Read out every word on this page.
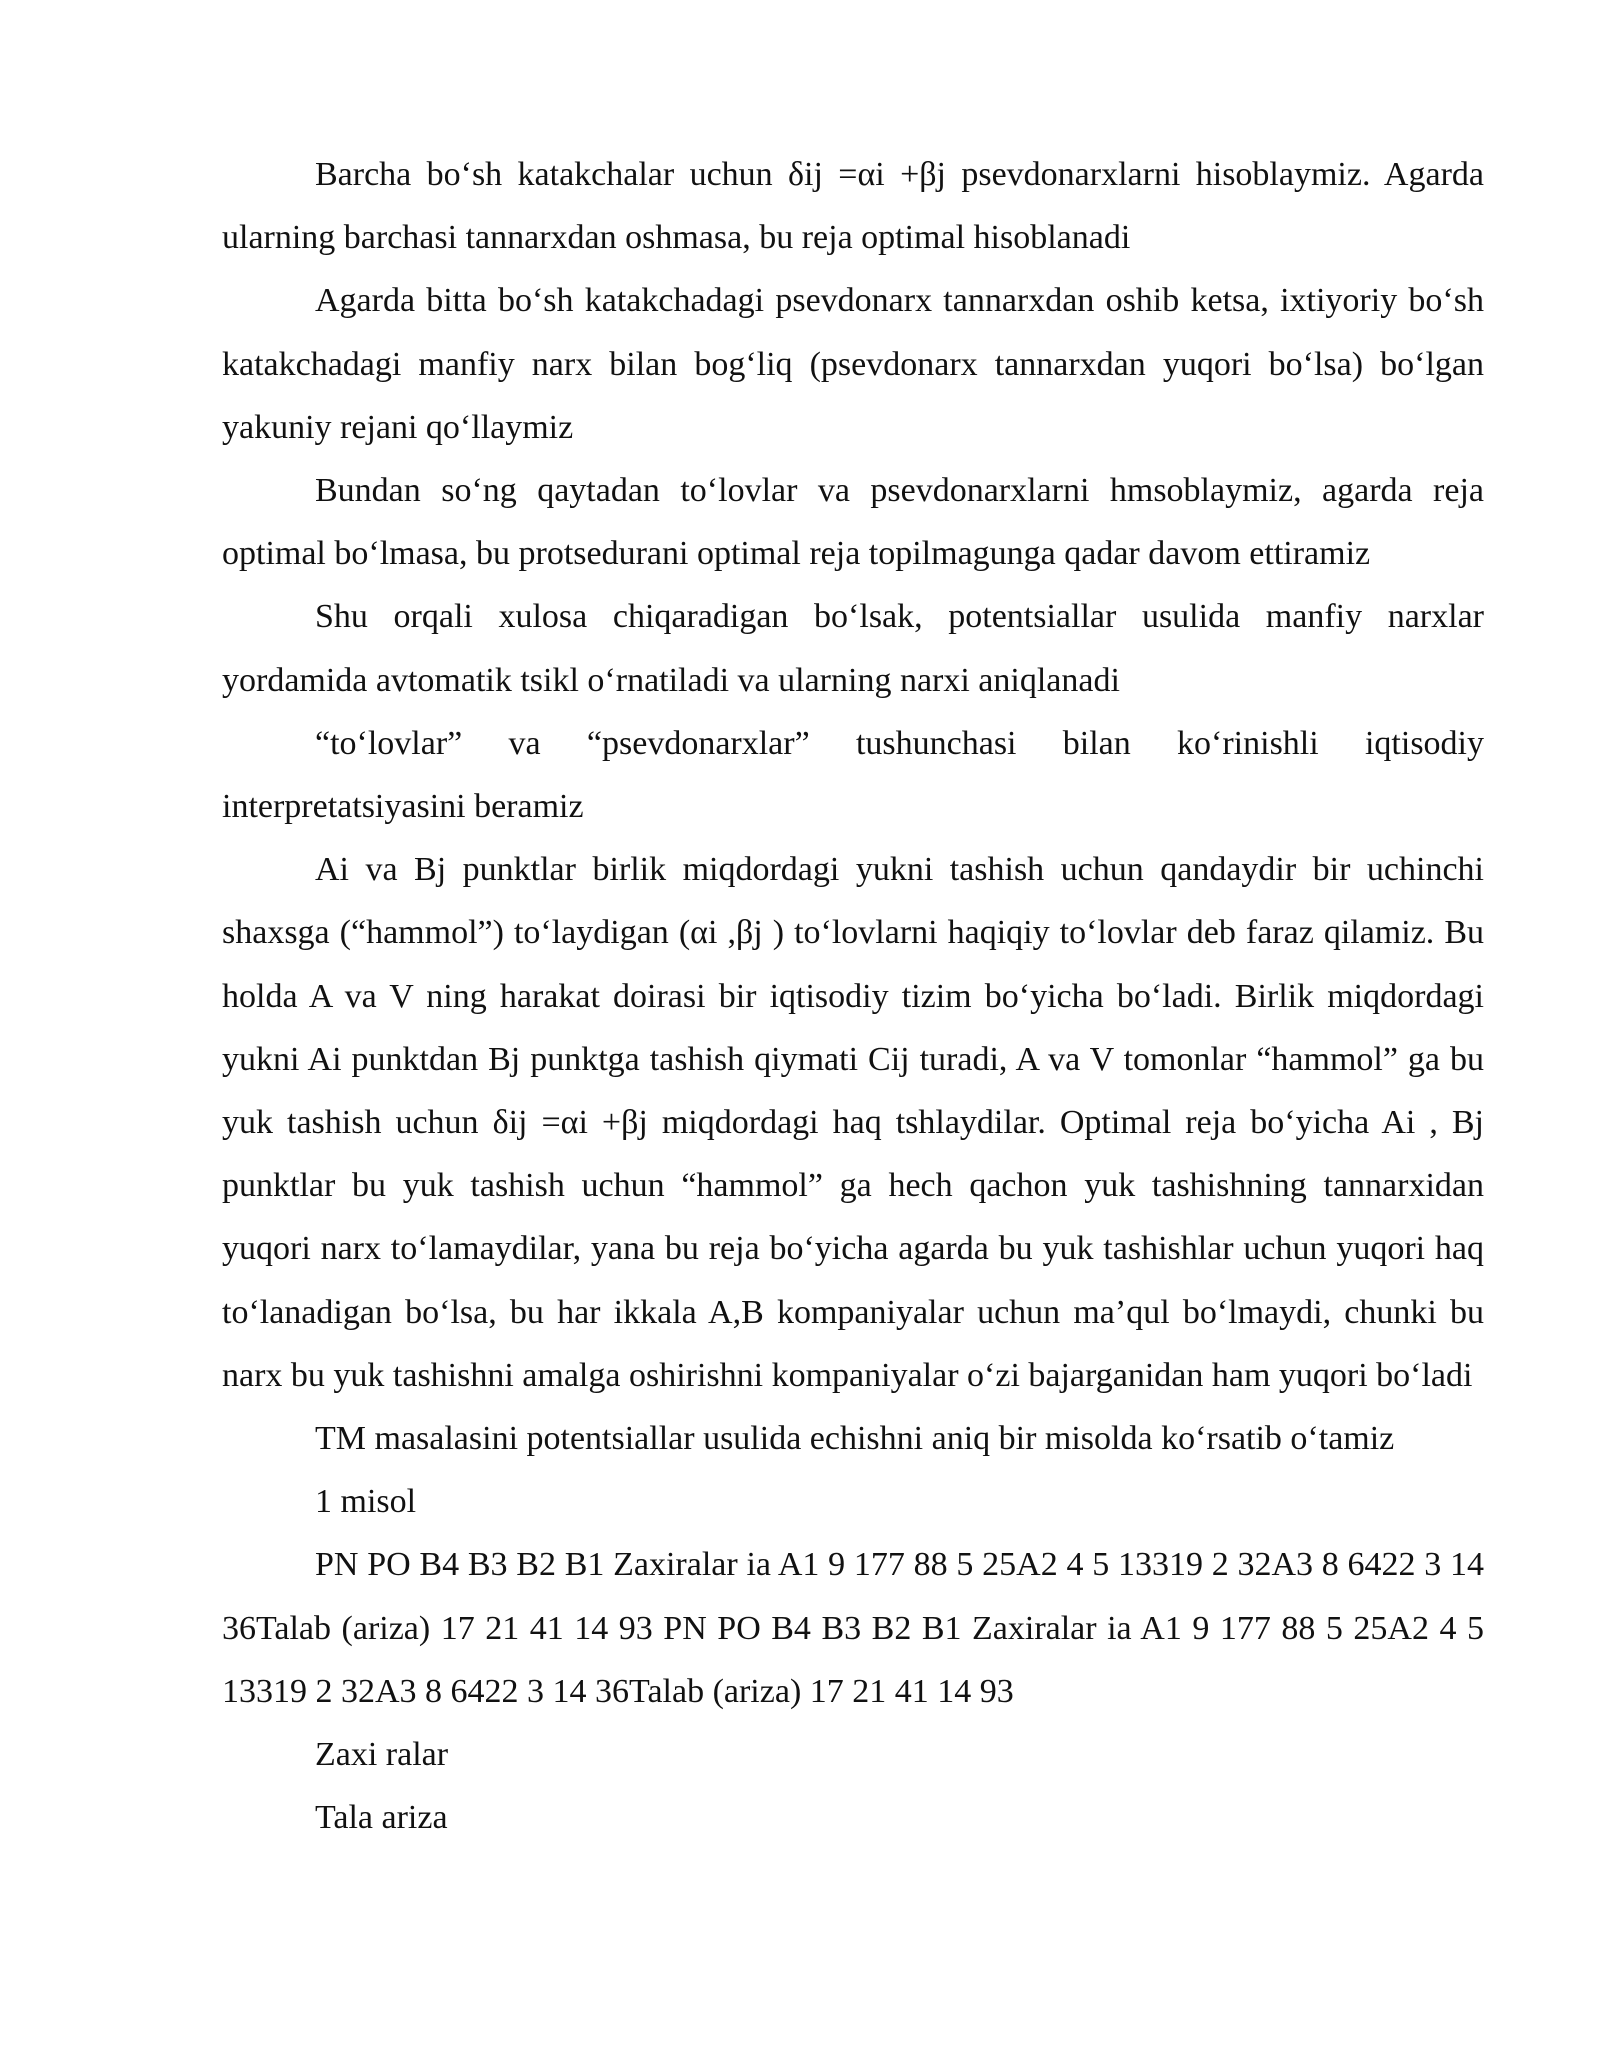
Barcha bo‘sh katakchalar uchun δij =αi +βj psevdonarxlarni hisoblaymiz. Agarda ularning barchasi tannarxdan oshmasa, bu reja optimal hisoblanadi

Agarda bitta bo‘sh katakchadagi psevdonarx tannarxdan oshib ketsa, ixtiyoriy bo‘sh katakchadagi manfiy narx bilan bog‘liq (psevdonarx tannarxdan yuqori bo‘lsa) bo‘lgan yakuniy rejani qo‘llaymiz

Bundan so‘ng qaytadan to‘lovlar va psevdonarxlarni hmsoblaymiz, agarda reja optimal bo‘lmasa, bu protsedurani optimal reja topilmagunga qadar davom ettiramiz

Shu orqali xulosa chiqaradigan bo‘lsak, potentsiallar usulida manfiy narxlar yordamida avtomatik tsikl o‘rnatiladi va ularning narxi aniqlanadi

“to‘lovlar” va “psevdonarxlar” tushunchasi bilan ko‘rinishli iqtisodiy interpretatsiyasini beramiz

Ai va Bj punktlar birlik miqdordagi yukni tashish uchun qandaydir bir uchinchi shaxsga (“hammol”) to‘laydigan (αi ,βj ) to‘lovlarni haqiqiy to‘lovlar deb faraz qilamiz. Bu holda A va V ning harakat doirasi bir iqtisodiy tizim bo‘yicha bo‘ladi. Birlik miqdordagi yukni Ai punktdan Bj punktga tashish qiymati Cij turadi, A va V tomonlar “hammol” ga bu yuk tashish uchun δij =αi +βj miqdordagi haq tshlaydilar. Optimal reja bo‘yicha Ai , Bj punktlar bu yuk tashish uchun “hammol” ga hech qachon yuk tashishning tannarxidan yuqori narx to‘lamaydilar, yana bu reja bo‘yicha agarda bu yuk tashishlar uchun yuqori haq to‘lanadigan bo‘lsa, bu har ikkala A,B kompaniyalar uchun ma’qul bo‘lmaydi, chunki bu narx bu yuk tashishni amalga oshirishni kompaniyalar o‘zi bajarganidan ham yuqori bo‘ladi

TM masalasini potentsiallar usulida echishni aniq bir misolda ko‘rsatib o‘tamiz

1 misol

PN PO B4 B3 B2 B1 Zaxiralar ia A1 9 177 88 5 25A2 4 5 13319 2 32A3 8 6422 3 14 36Talab (ariza) 17 21 41 14 93 PN PO B4 B3 B2 B1 Zaxiralar ia A1 9 177 88 5 25A2 4 5 13319 2 32A3 8 6422 3 14 36Talab (ariza) 17 21 41 14 93

Zaxi ralar

Tala ariza
